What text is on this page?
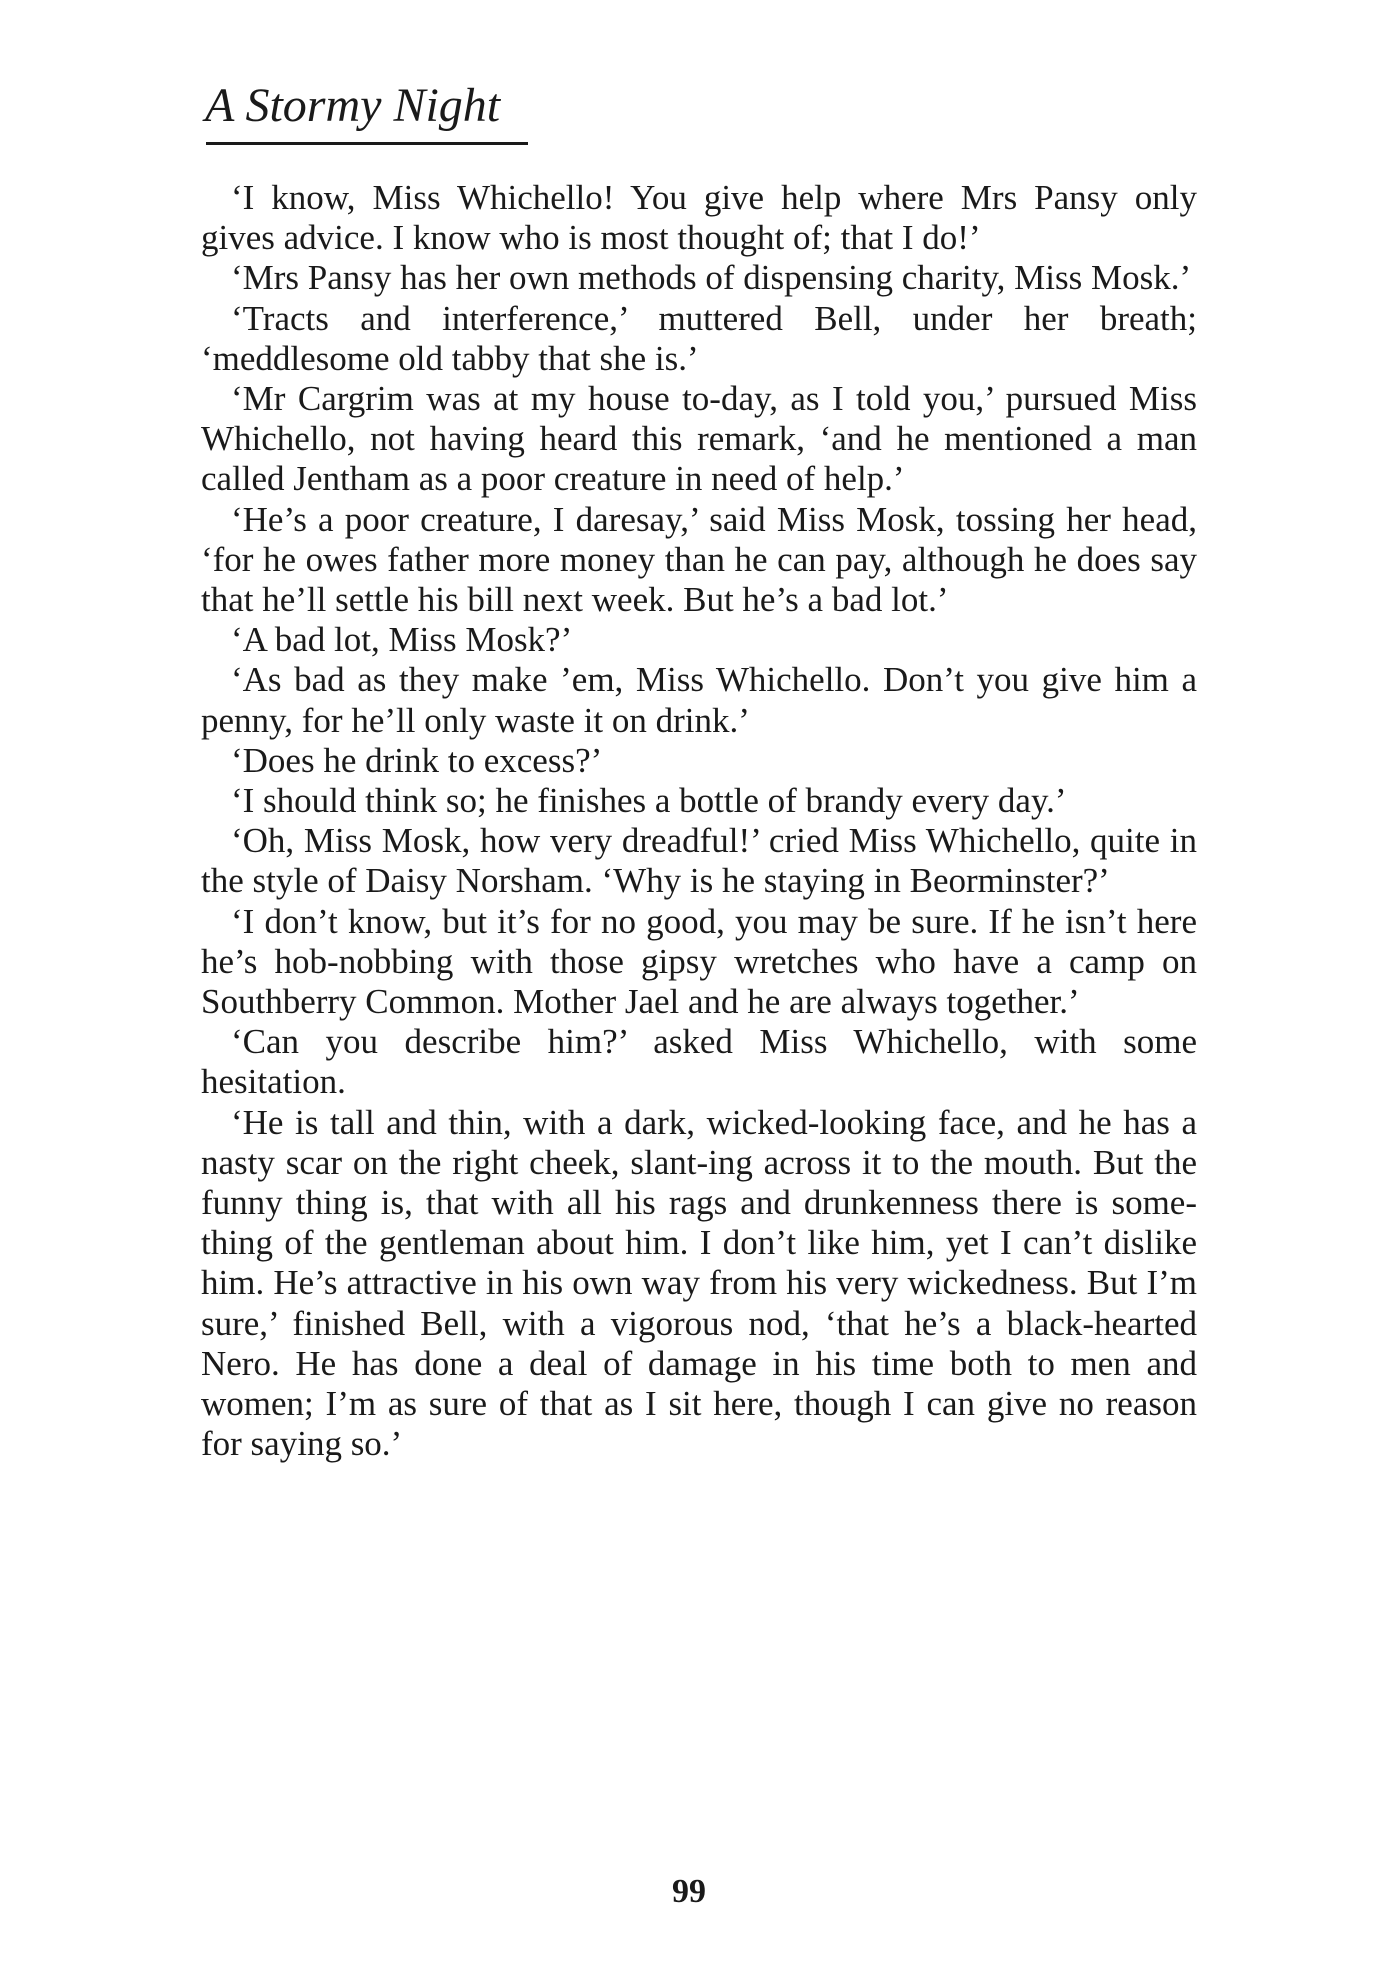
A Stormy Night

‘I know, Miss Whichello! You give help where Mrs Pansy only gives advice. I know who is most thought of; that I do!’

‘Mrs Pansy has her own methods of dispensing charity, Miss Mosk.’

‘Tracts and interference,’ muttered Bell, under her breath; ‘meddlesome old tabby that she is.’

‘Mr Cargrim was at my house to-day, as I told you,’ pursued Miss Whichello, not having heard this remark, ‘and he mentioned a man called Jentham as a poor creature in need of help.’

‘He’s a poor creature, I daresay,’ said Miss Mosk, tossing her head, ‘for he owes father more money than he can pay, although he does say that he’ll settle his bill next week. But he’s a bad lot.’

‘A bad lot, Miss Mosk?’

‘As bad as they make ’em, Miss Whichello. Don’t you give him a penny, for he’ll only waste it on drink.’

‘Does he drink to excess?’

‘I should think so; he finishes a bottle of brandy every day.’

‘Oh, Miss Mosk, how very dreadful!’ cried Miss Whichello, quite in the style of Daisy Norsham. ‘Why is he staying in Beorminster?’

‘I don’t know, but it’s for no good, you may be sure. If he isn’t here he’s hob-nobbing with those gipsy wretches who have a camp on Southberry Common. Mother Jael and he are always together.’

‘Can you describe him?’ asked Miss Whichello, with some hesitation.

‘He is tall and thin, with a dark, wicked-looking face, and he has a nasty scar on the right cheek, slant-ing across it to the mouth. But the funny thing is, that with all his rags and drunkenness there is some-thing of the gentleman about him. I don’t like him, yet I can’t dislike him. He’s attractive in his own way from his very wickedness. But I’m sure,’ finished Bell, with a vigorous nod, ‘that he’s a black-hearted Nero. He has done a deal of damage in his time both to men and women; I’m as sure of that as I sit here, though I can give no reason for saying so.’

99
